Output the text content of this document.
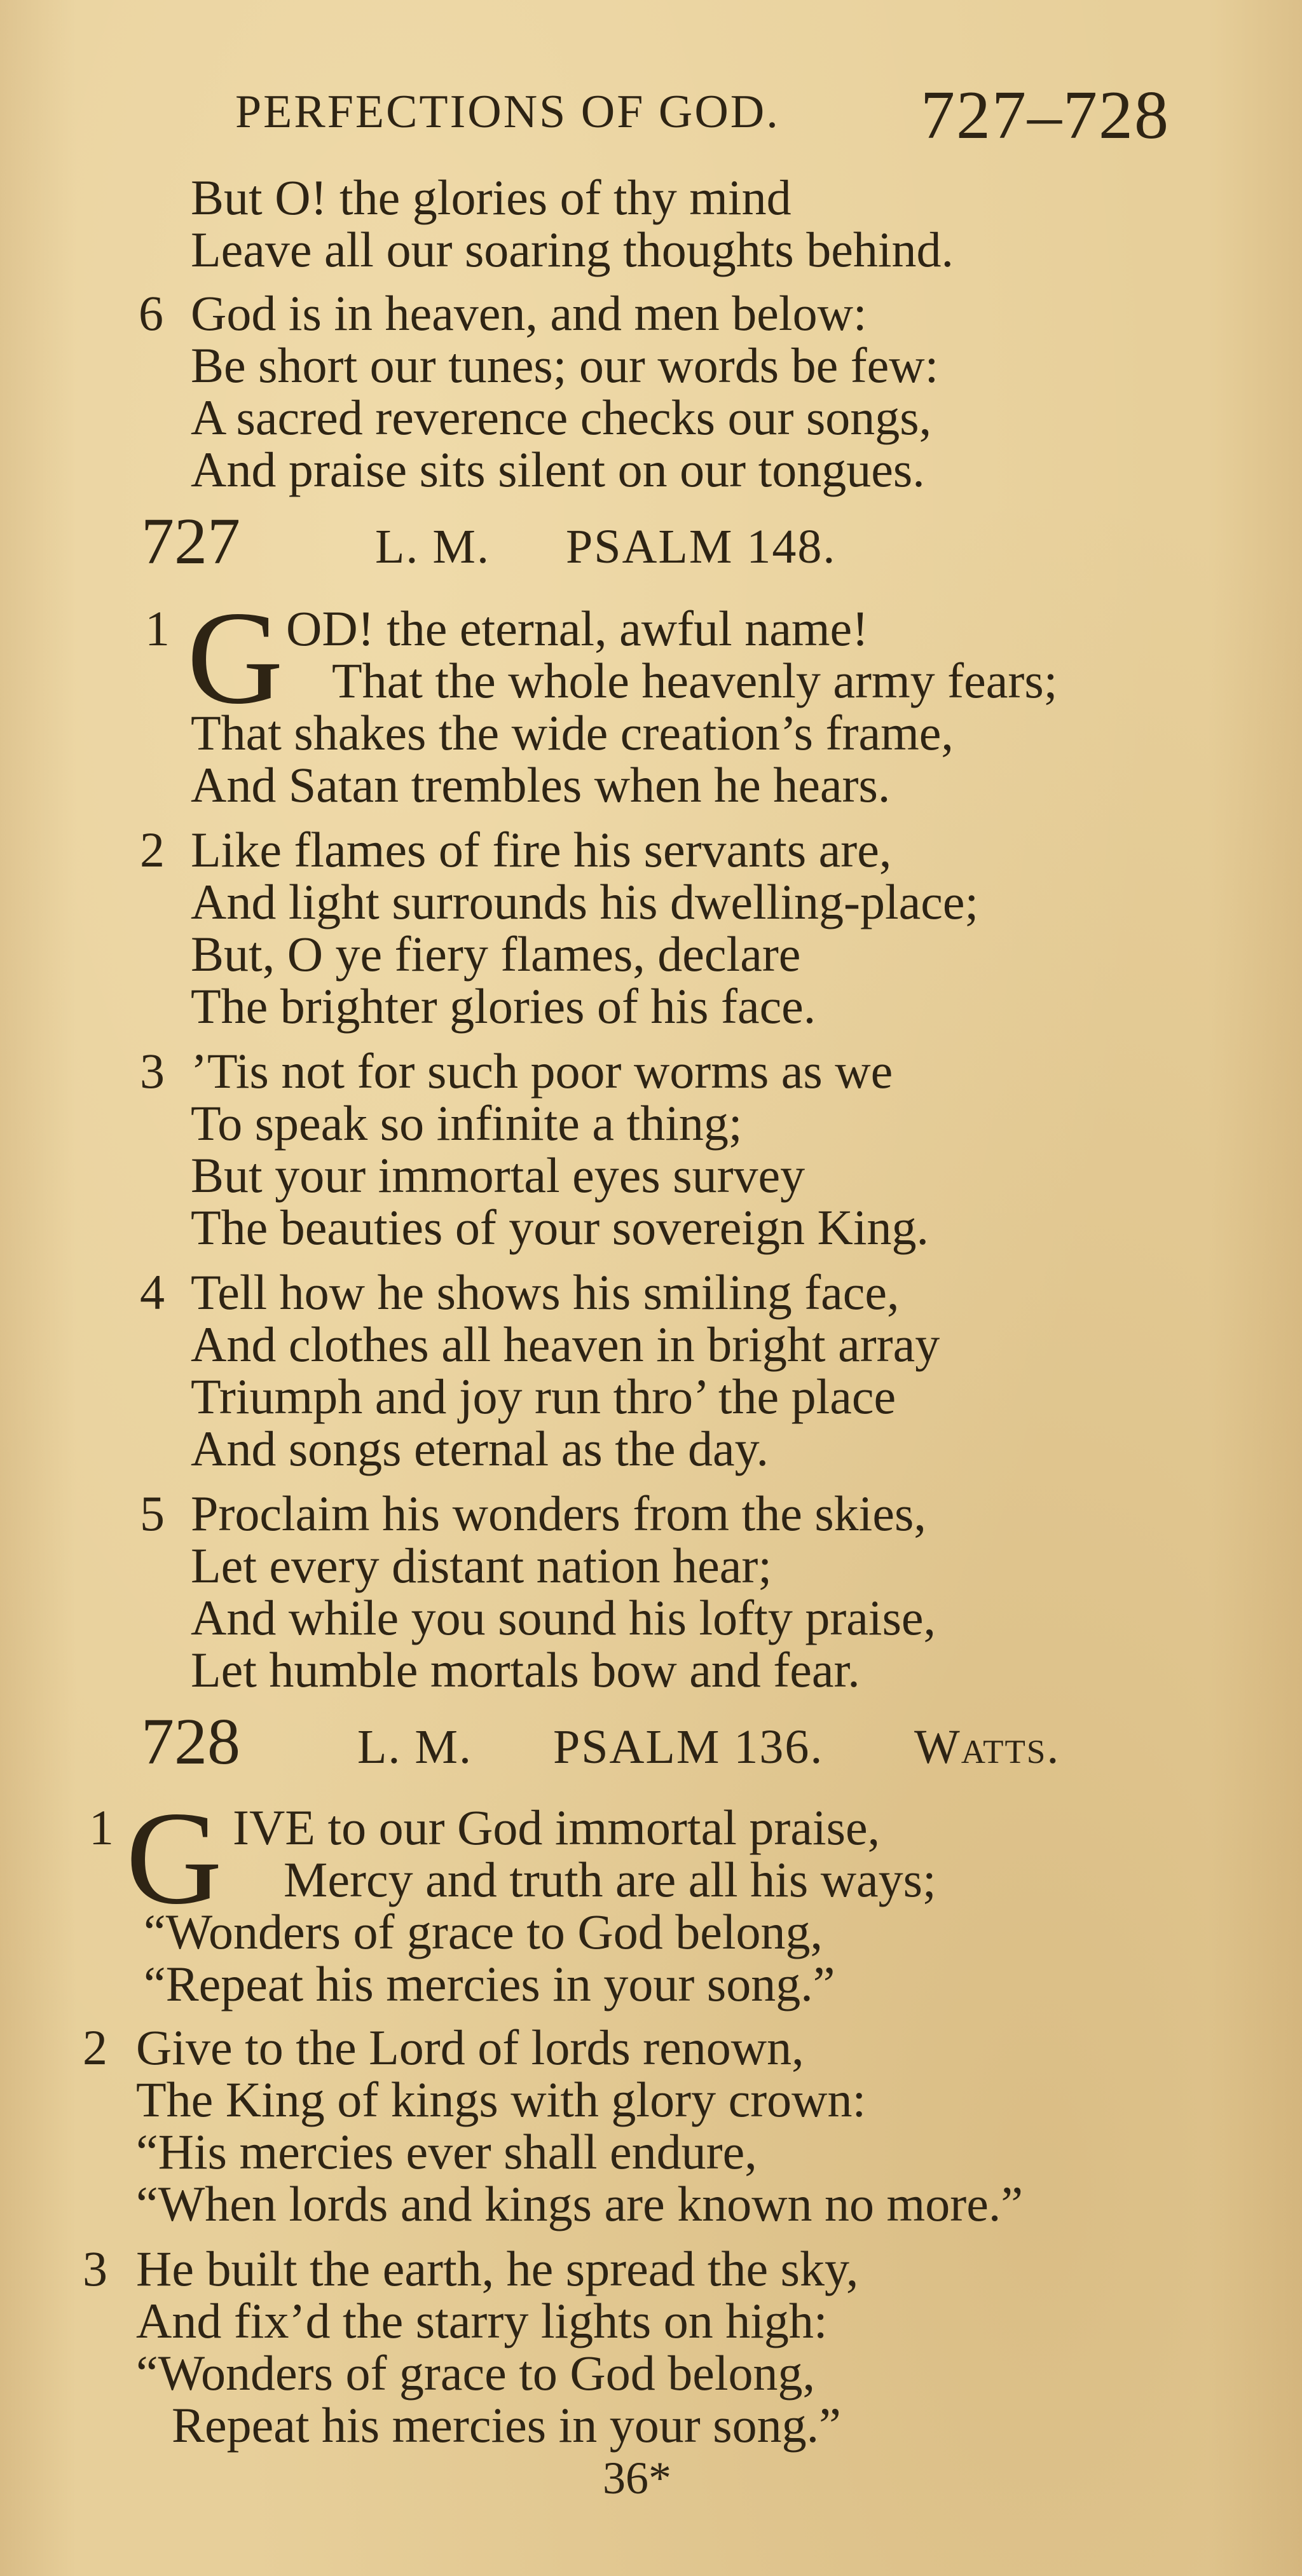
PERFECTIONS OF GOD. 727–728
But O! the glories of thy mind
Leave all our soaring thoughts behind.
6 God is in heaven, and men below:
Be short our tunes; our words be few:
A sacred reverence checks our songs,
And praise sits silent on our tongues.
727	L. M. PSALM 148.
1 G OD! the eternal, awful name!
That the whole heavenly army fears;
That shakes the wide creation’s frame,
And Satan trembles when he hears.
2 Like flames of fire his servants are,
And light surrounds his dwelling-place;
But, O ye fiery flames, declare
The brighter glories of his face.
3 ’Tis not for such poor worms as we
To speak so infinite a thing;
But your immortal eyes survey
The beauties of your sovereign King.
4 Tell how he shows his smiling face,
And clothes all heaven in bright array
Triumph and joy run thro’ the place
And songs eternal as the day.
5 Proclaim his wonders from the skies,
Let every distant nation hear;
And while you sound his lofty praise,
Let humble mortals bow and fear.
728 L. M. PSALM 136. Watts.
1 G IVE to our God immortal praise,
Mercy and truth are all his ways;
“Wonders of grace to God belong,
“Repeat his mercies in your song.”
2 Give to the Lord of lords renown,
The King of kings with glory crown:
“His mercies ever shall endure,
“When lords and kings are known no more.”
3 He built the earth, he spread the sky,
And fix’d the starry lights on high:
“Wonders of grace to God belong,
Repeat his mercies in your song.”
36*
